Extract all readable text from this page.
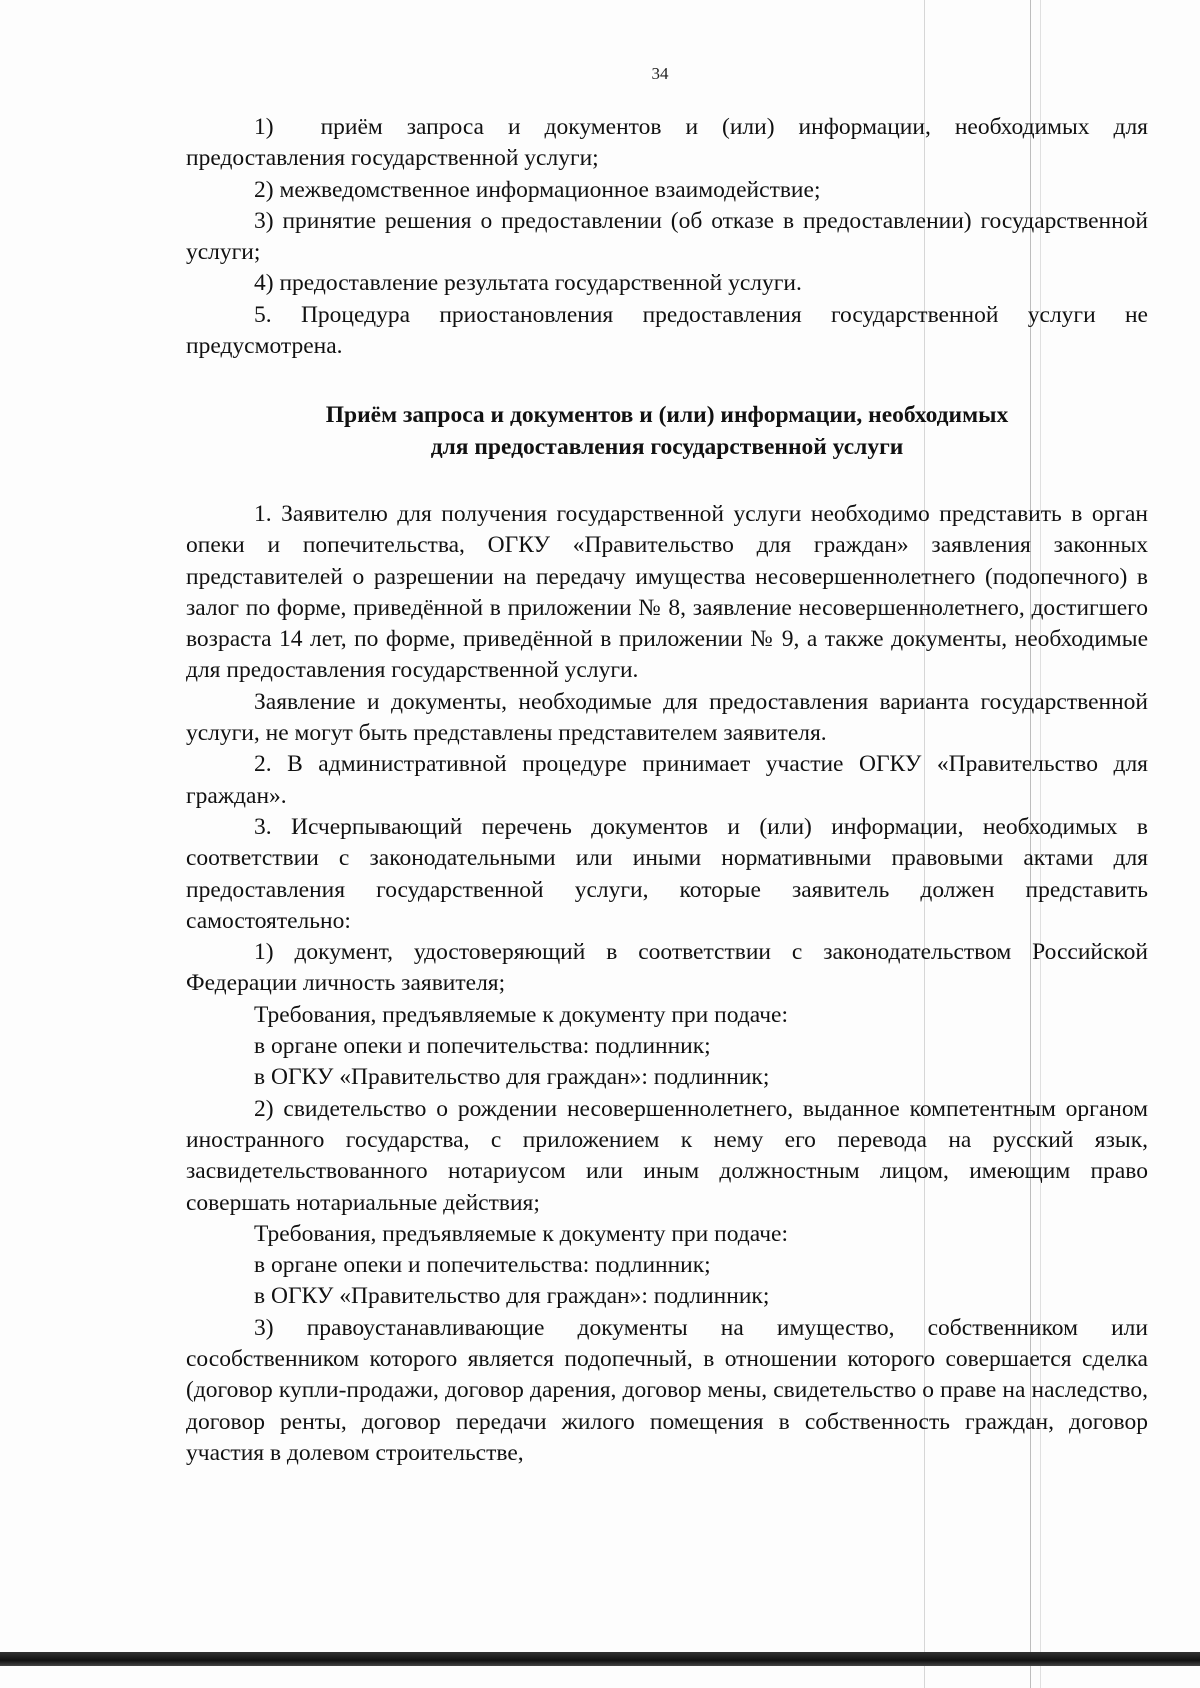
34

1)  приём запроса и документов и (или) информации, необходимых для предоставления государственной услуги;

2) межведомственное информационное взаимодействие;

3) принятие решения о предоставлении (об отказе в предоставлении) государственной услуги;

4) предоставление результата государственной услуги.

5. Процедура приостановления предоставления государственной услуги не предусмотрена.

Приём запроса и документов и (или) информации, необходимых
для предоставления государственной услуги

1. Заявителю для получения государственной услуги необходимо представить в орган опеки и попечительства, ОГКУ «Правительство для граждан» заявления законных представителей о разрешении на передачу имущества несовершеннолетнего (подопечного) в залог по форме, приведённой в приложении № 8, заявление несовершеннолетнего, достигшего возраста 14 лет, по форме, приведённой в приложении № 9, а также документы, необходимые для предоставления государственной услуги.

Заявление и документы, необходимые для предоставления варианта государственной услуги, не могут быть представлены представителем заявителя.

2. В административной процедуре принимает участие ОГКУ «Правительство для граждан».

3. Исчерпывающий перечень документов и (или) информации, необходимых в соответствии с законодательными или иными нормативными правовыми актами для предоставления государственной услуги, которые заявитель должен представить самостоятельно:

1) документ, удостоверяющий в соответствии с законодательством Российской Федерации личность заявителя;

Требования, предъявляемые к документу при подаче:

в органе опеки и попечительства: подлинник;

в ОГКУ «Правительство для граждан»: подлинник;

2) свидетельство о рождении несовершеннолетнего, выданное компетентным органом иностранного государства, с приложением к нему его перевода на русский язык, засвидетельствованного нотариусом или иным должностным лицом, имеющим право совершать нотариальные действия;

Требования, предъявляемые к документу при подаче:

в органе опеки и попечительства: подлинник;

в ОГКУ «Правительство для граждан»: подлинник;

3) правоустанавливающие документы на имущество, собственником или сособственником которого является подопечный, в отношении которого совершается сделка (договор купли-продажи, договор дарения, договор мены, свидетельство о праве на наследство, договор ренты, договор передачи жилого помещения в собственность граждан, договор участия в долевом строительстве,
